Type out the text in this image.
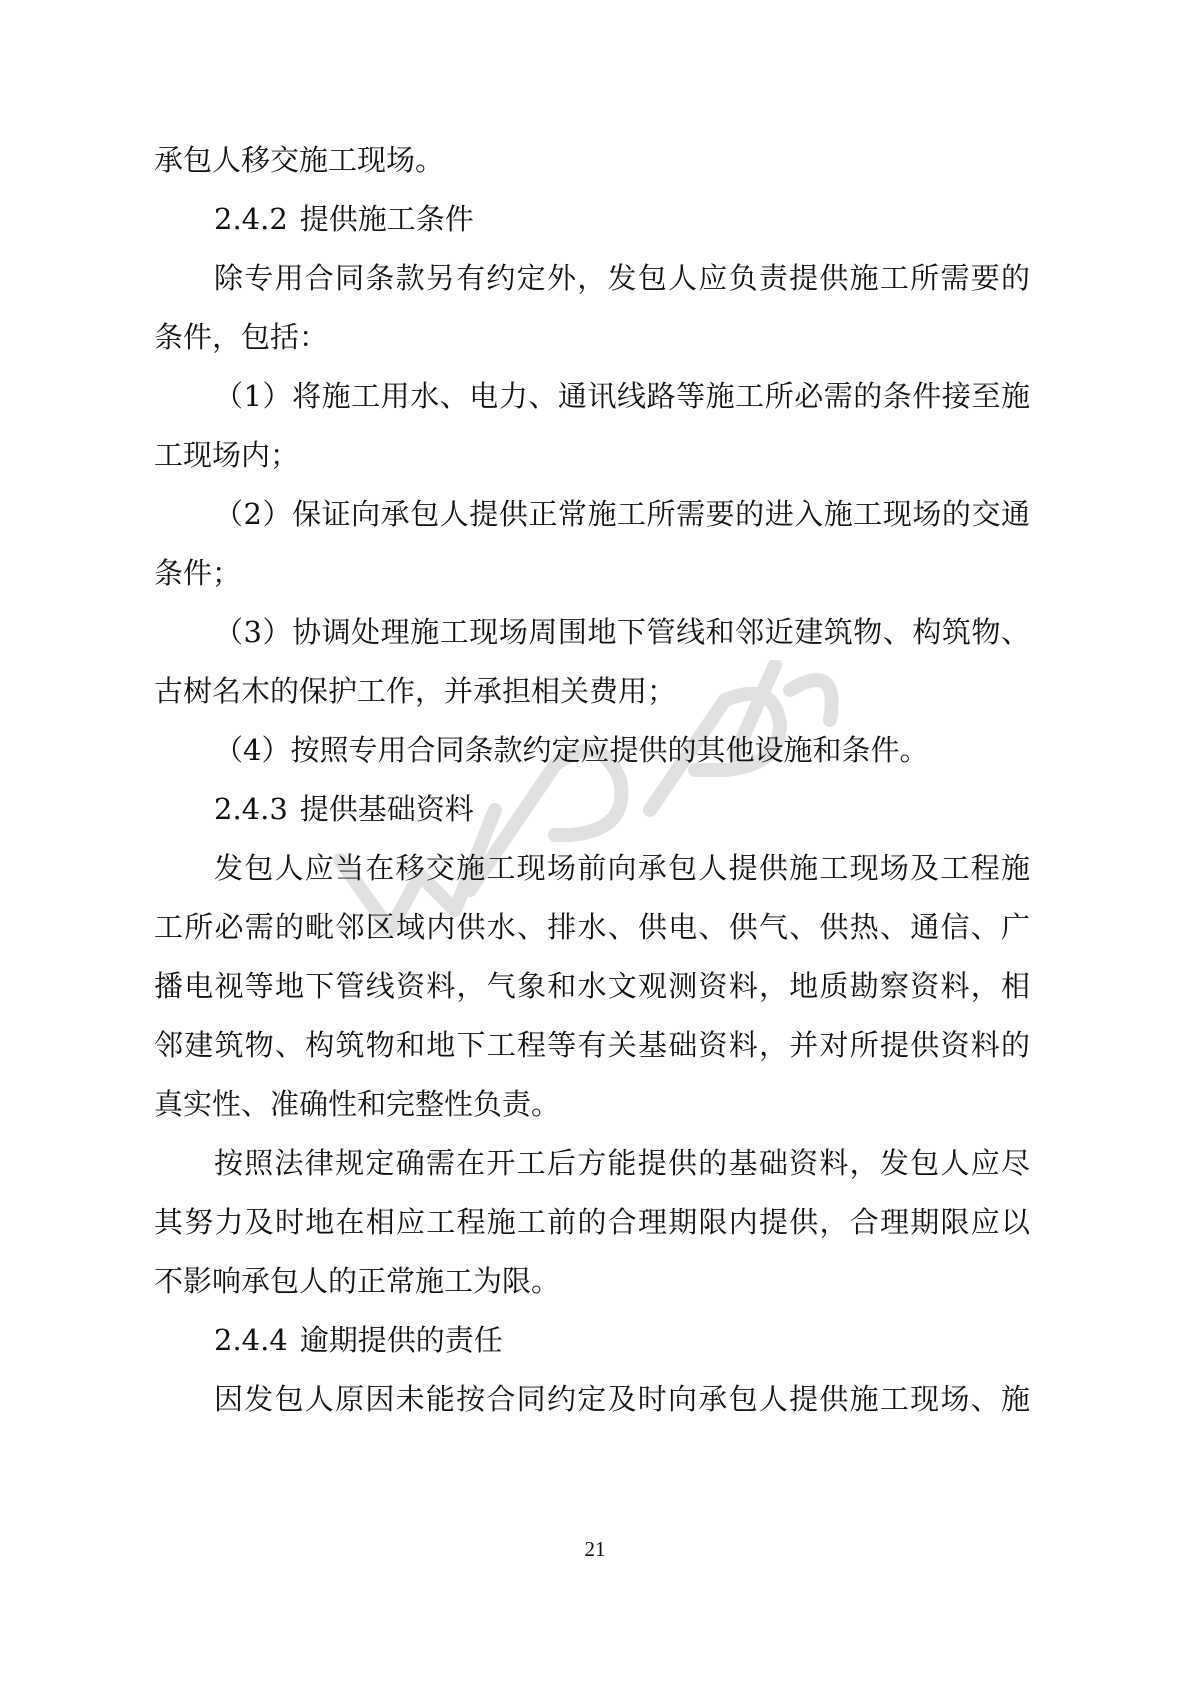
承包人移交施工现场。
2.4.2 提供施工条件
除专用合同条款另有约定外，发包人应负责提供施工所需要的
条件，包括：
（1）将施工用水、电力、通讯线路等施工所必需的条件接至施
工现场内；
（2）保证向承包人提供正常施工所需要的进入施工现场的交通
条件；
（3）协调处理施工现场周围地下管线和邻近建筑物、构筑物、
古树名木的保护工作，并承担相关费用；
（4）按照专用合同条款约定应提供的其他设施和条件。
2.4.3 提供基础资料
发包人应当在移交施工现场前向承包人提供施工现场及工程施
工所必需的毗邻区域内供水、排水、供电、供气、供热、通信、广
播电视等地下管线资料，气象和水文观测资料，地质勘察资料，相
邻建筑物、构筑物和地下工程等有关基础资料，并对所提供资料的
真实性、准确性和完整性负责。
按照法律规定确需在开工后方能提供的基础资料，发包人应尽
其努力及时地在相应工程施工前的合理期限内提供，合理期限应以
不影响承包人的正常施工为限。
2.4.4 逾期提供的责任
因发包人原因未能按合同约定及时向承包人提供施工现场、施
21
